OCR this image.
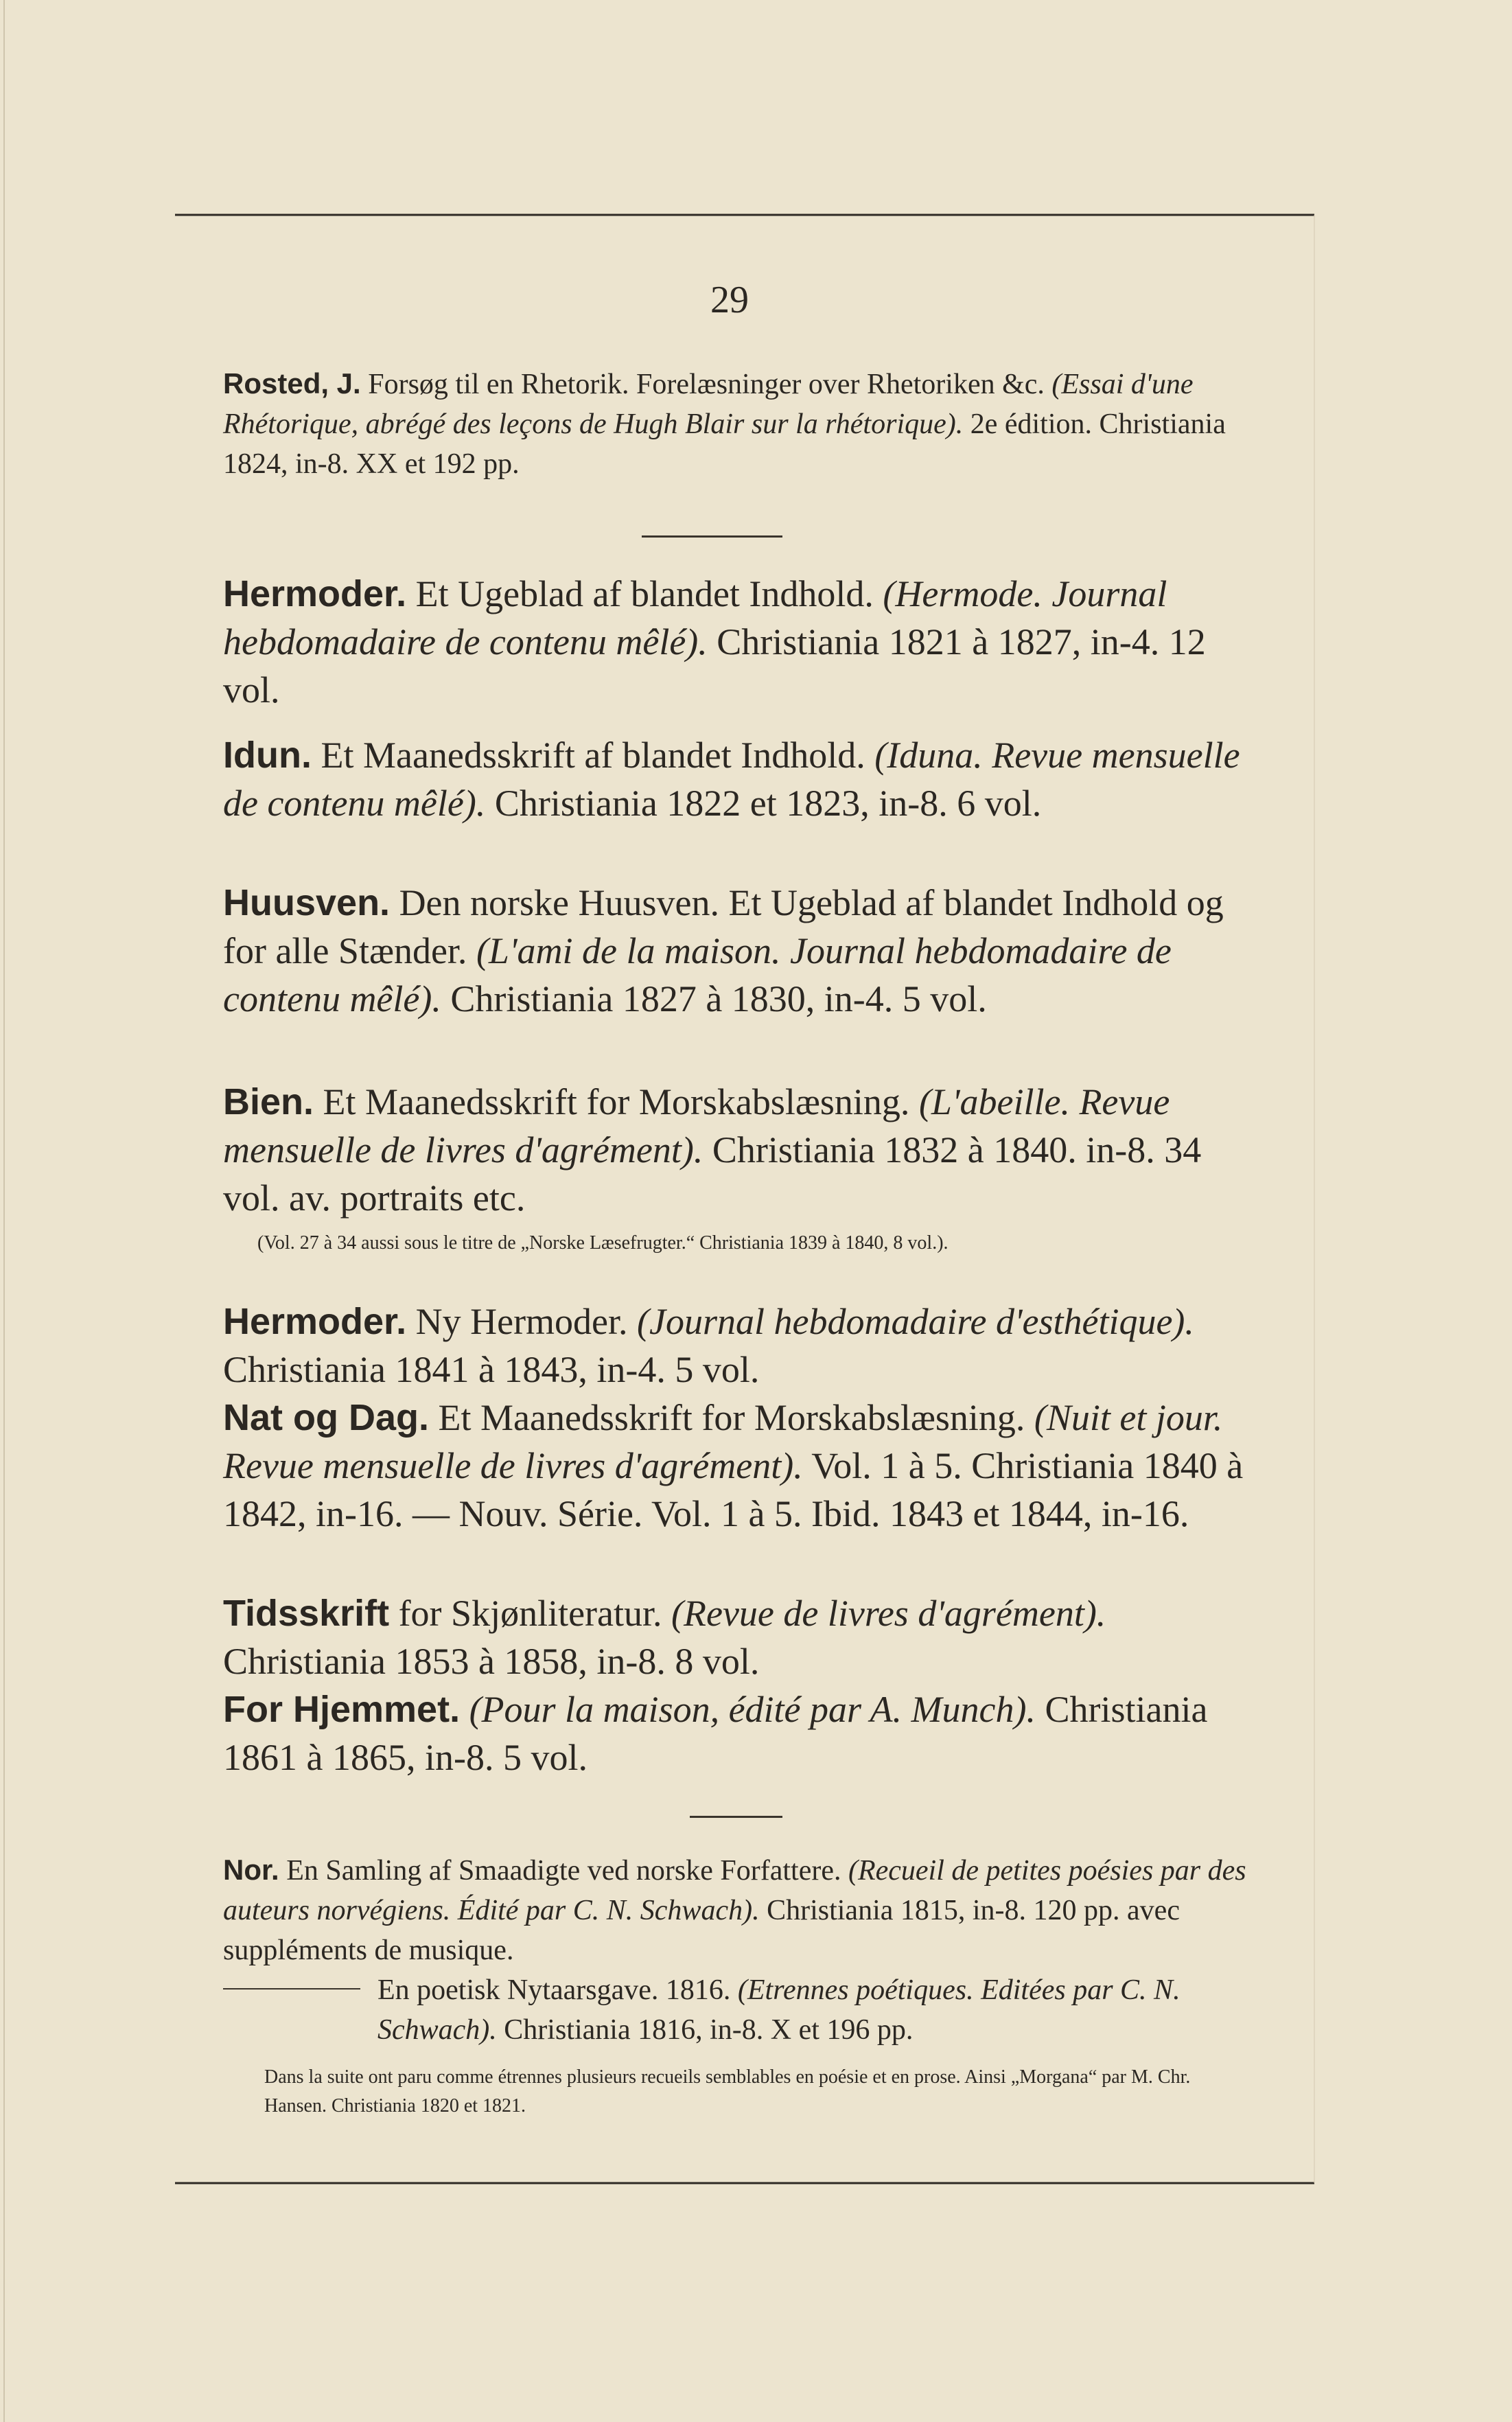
29
Rosted, J. Forsøg til en Rhetorik. Forelæsninger over Rhetoriken &c. (Essai d'une Rhétorique, abrégé des leçons de Hugh Blair sur la rhétorique). 2e édition. Christiania 1824, in-8. XX et 192 pp.
Hermoder. Et Ugeblad af blandet Indhold. (Hermode. Journal hebdomadaire de contenu mêlé). Christiania 1821 à 1827, in-4. 12 vol.
Idun. Et Maanedsskrift af blandet Indhold. (Iduna. Revue mensuelle de contenu mêlé). Christiania 1822 et 1823, in-8. 6 vol.
Huusven. Den norske Huusven. Et Ugeblad af blandet Indhold og for alle Stænder. (L'ami de la maison. Journal hebdomadaire de contenu mêlé). Christiania 1827 à 1830, in-4. 5 vol.
Bien. Et Maanedsskrift for Morskabslæsning. (L'abeille. Revue mensuelle de livres d'agrément). Christiania 1832 à 1840. in-8. 34 vol. av. portraits etc.
(Vol. 27 à 34 aussi sous le titre de „Norske Læsefrugter.“ Christiania 1839 à 1840, 8 vol.).
Hermoder. Ny Hermoder. (Journal hebdomadaire d'esthétique). Christiania 1841 à 1843, in-4. 5 vol.
Nat og Dag. Et Maanedsskrift for Morskabslæsning. (Nuit et jour. Revue mensuelle de livres d'agrément). Vol. 1 à 5. Christiania 1840 à 1842, in-16. — Nouv. Série. Vol. 1 à 5. Ibid. 1843 et 1844, in-16.
Tidsskrift for Skjønliteratur. (Revue de livres d'agrément). Christiania 1853 à 1858, in-8. 8 vol.
For Hjemmet. (Pour la maison, édité par A. Munch). Christiania 1861 à 1865, in-8. 5 vol.
Nor. En Samling af Smaadigte ved norske Forfattere. (Recueil de petites poésies par des auteurs norvégiens. Édité par C. N. Schwach). Christiania 1815, in-8. 120 pp. avec suppléments de musique.
En poetisk Nytaarsgave. 1816. (Etrennes poétiques. Editées par C. N. Schwach). Christiania 1816, in-8. X et 196 pp.
Dans la suite ont paru comme étrennes plusieurs recueils semblables en poésie et en prose. Ainsi „Morgana“ par M. Chr. Hansen. Christiania 1820 et 1821.
